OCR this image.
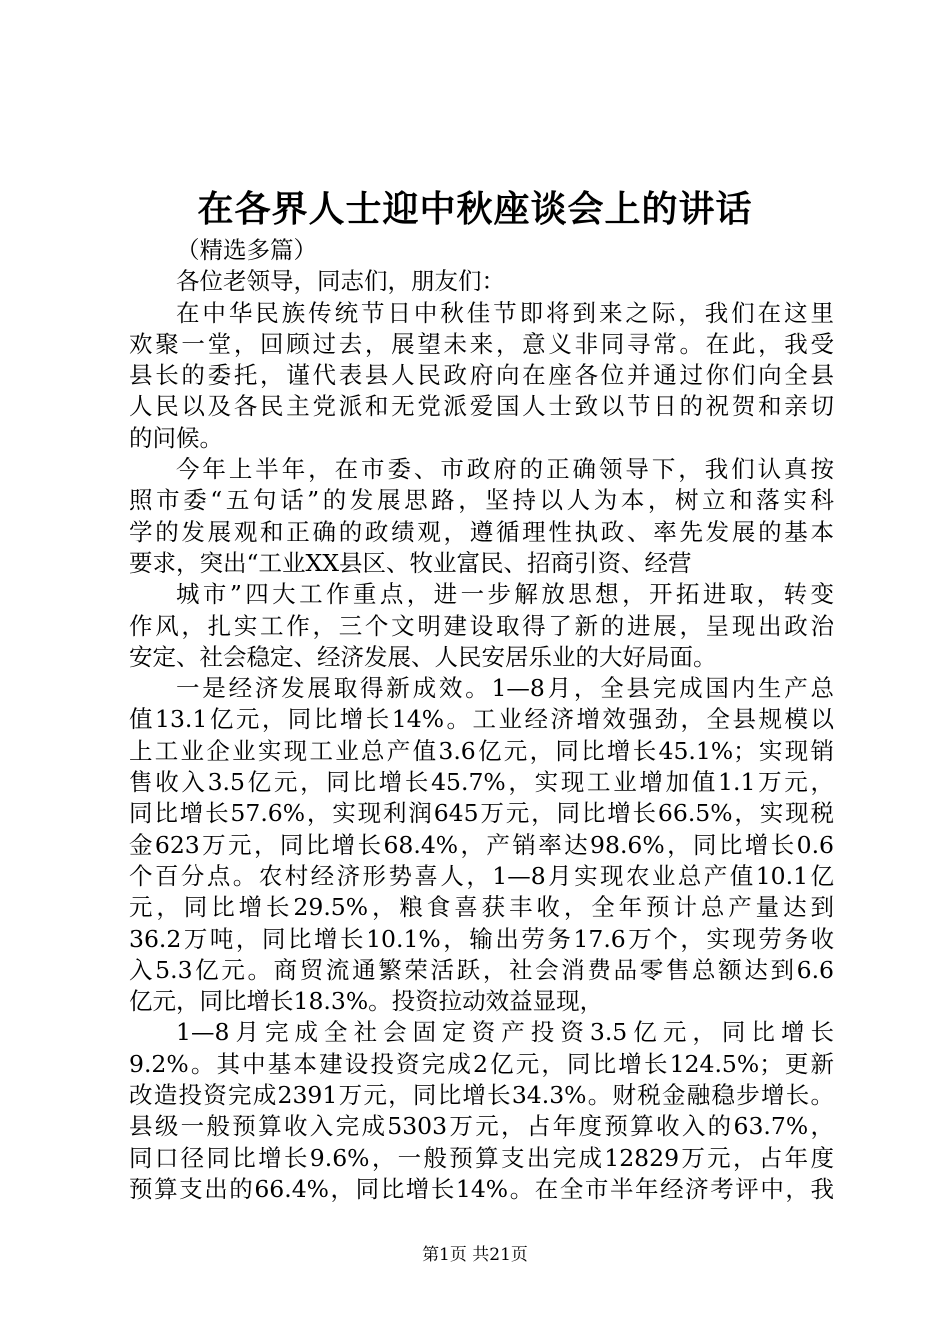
在各界人士迎中秋座谈会上的讲话
（精选多篇）
各位老领导，同志们，朋友们：
在中华民族传统节日中秋佳节即将到来之际，我们在这里
欢聚一堂，回顾过去，展望未来，意义非同寻常。在此，我受
县长的委托，谨代表县人民政府向在座各位并通过你们向全县
人民以及各民主党派和无党派爱国人士致以节日的祝贺和亲切
的问候。
今年上半年，在市委、市政府的正确领导下，我们认真按
照市委“五句话”的发展思路，坚持以人为本，树立和落实科
学的发展观和正确的政绩观，遵循理性执政、率先发展的基本
要求，突出“工业XX县区、牧业富民、招商引资、经营
城市”四大工作重点，进一步解放思想，开拓进取，转变
作风，扎实工作，三个文明建设取得了新的进展，呈现出政治
安定、社会稳定、经济发展、人民安居乐业的大好局面。
一是经济发展取得新成效。1—8月，全县完成国内生产总
值13.1亿元，同比增长14%。工业经济增效强劲，全县规模以
上工业企业实现工业总产值3.6亿元，同比增长45.1%；实现销
售收入3.5亿元，同比增长45.7%，实现工业增加值1.1万元，
同比增长57.6%，实现利润645万元，同比增长66.5%，实现税
金623万元，同比增长68.4%，产销率达98.6%，同比增长0.6
个百分点。农村经济形势喜人，1—8月实现农业总产值10.1亿
元，同比增长29.5%，粮食喜获丰收，全年预计总产量达到
36.2万吨，同比增长10.1%，输出劳务17.6万个，实现劳务收
入5.3亿元。商贸流通繁荣活跃，社会消费品零售总额达到6.6
亿元，同比增长18.3%。投资拉动效益显现，
1—8月完成全社会固定资产投资3.5亿元，同比增长
9.2%。其中基本建设投资完成2亿元，同比增长124.5%；更新
改造投资完成2391万元，同比增长34.3%。财税金融稳步增长。
县级一般预算收入完成5303万元，占年度预算收入的63.7%，
同口径同比增长9.6%，一般预算支出完成12829万元，占年度
预算支出的66.4%，同比增长14%。在全市半年经济考评中，我
第1页 共21页
